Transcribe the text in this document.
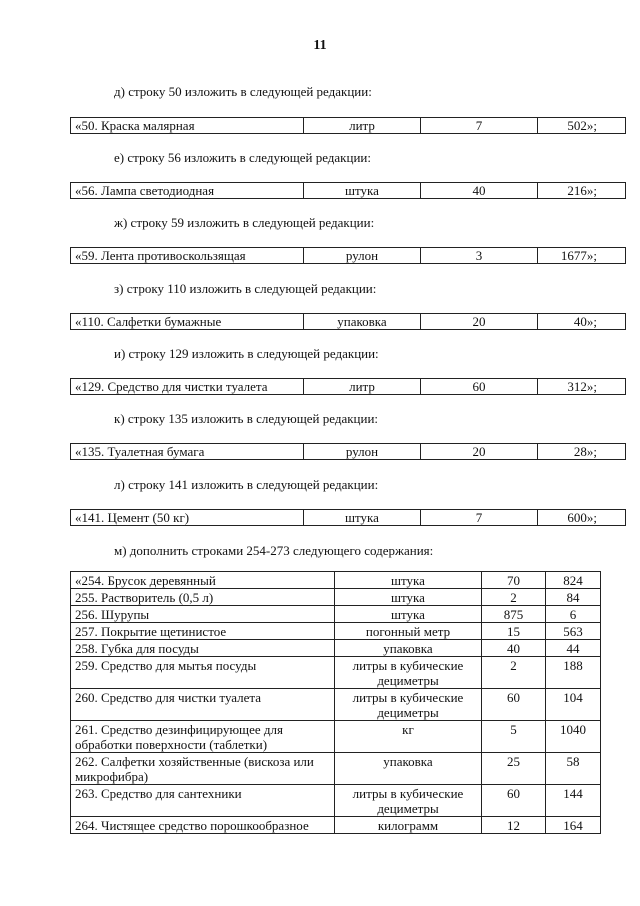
11
д) строку 50 изложить в следующей редакции:
«50. Краска малярная	литр	7	502»;
е) строку 56 изложить в следующей редакции:
«56. Лампа светодиодная	штука	40	216»;
ж) строку 59 изложить в следующей редакции:
«59. Лента противоскользящая	рулон	3	1677»;
з) строку 110 изложить в следующей редакции:
«110. Салфетки бумажные	упаковка	20	40»;
и) строку 129 изложить в следующей редакции:
«129. Средство для чистки туалета	литр	60	312»;
к) строку 135 изложить в следующей редакции:
«135. Туалетная бумага	рулон	20	28»;
л) строку 141 изложить в следующей редакции:
«141. Цемент (50 кг)	штука	7	600»;
м) дополнить строками 254-273 следующего содержания:
«254. Брусок деревянный	штука	70	824
255. Растворитель (0,5 л)	штука	2	84
256. Шурупы	штука	875	6
257. Покрытие щетинистое	погонный метр	15	563
258. Губка для посуды	упаковка	40	44
259. Средство для мытья посуды	литры в кубические дециметры	2	188
260. Средство для чистки туалета	литры в кубические дециметры	60	104
261. Средство дезинфицирующее для обработки поверхности (таблетки)	кг	5	1040
262. Салфетки хозяйственные (вискоза или микрофибра)	упаковка	25	58
263. Средство для сантехники	литры в кубические дециметры	60	144
264. Чистящее средство порошкообразное	килограмм	12	164
